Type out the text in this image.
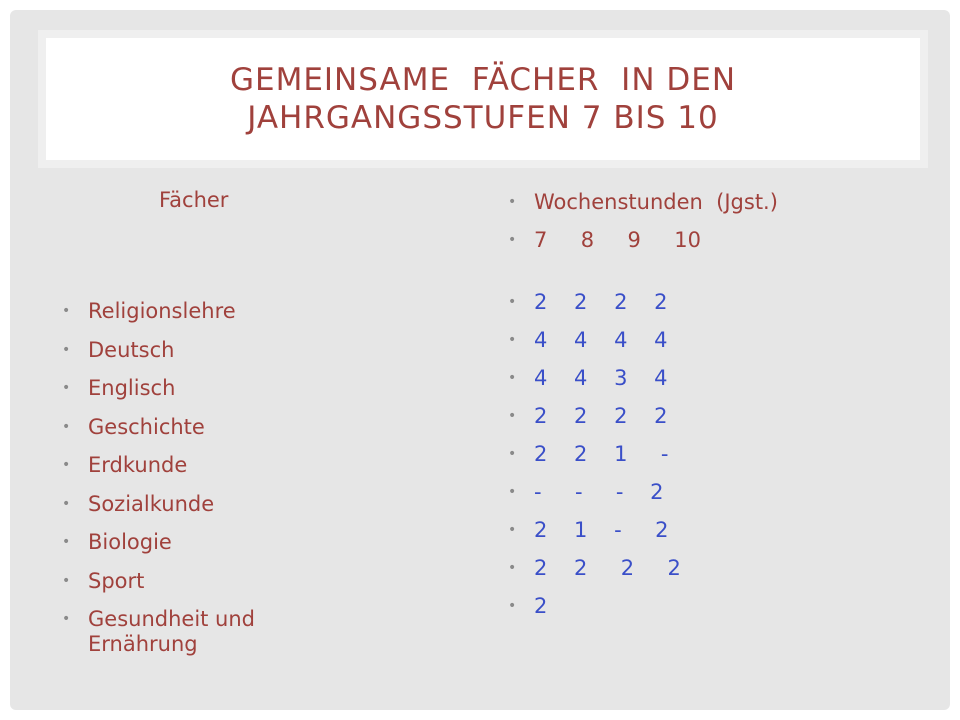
GEMEINSAME  FÄCHER  IN DEN
JAHRGANGSSTUFEN 7 BIS 10
Fächer
• Religionslehre
• Deutsch
• Englisch
• Geschichte
• Erdkunde
• Sozialkunde
• Biologie
• Sport
• Gesundheit und
Ernährung
• Wochenstunden  (Jgst.)
• 7     8     9     10
• 2    2    2    2
• 4    4    4    4
• 4    4    3    4
• 2    2    2    2
• 2    2    1     -
• -     -     -    2
• 2    1    -     2
• 2    2     2     2
• 2
